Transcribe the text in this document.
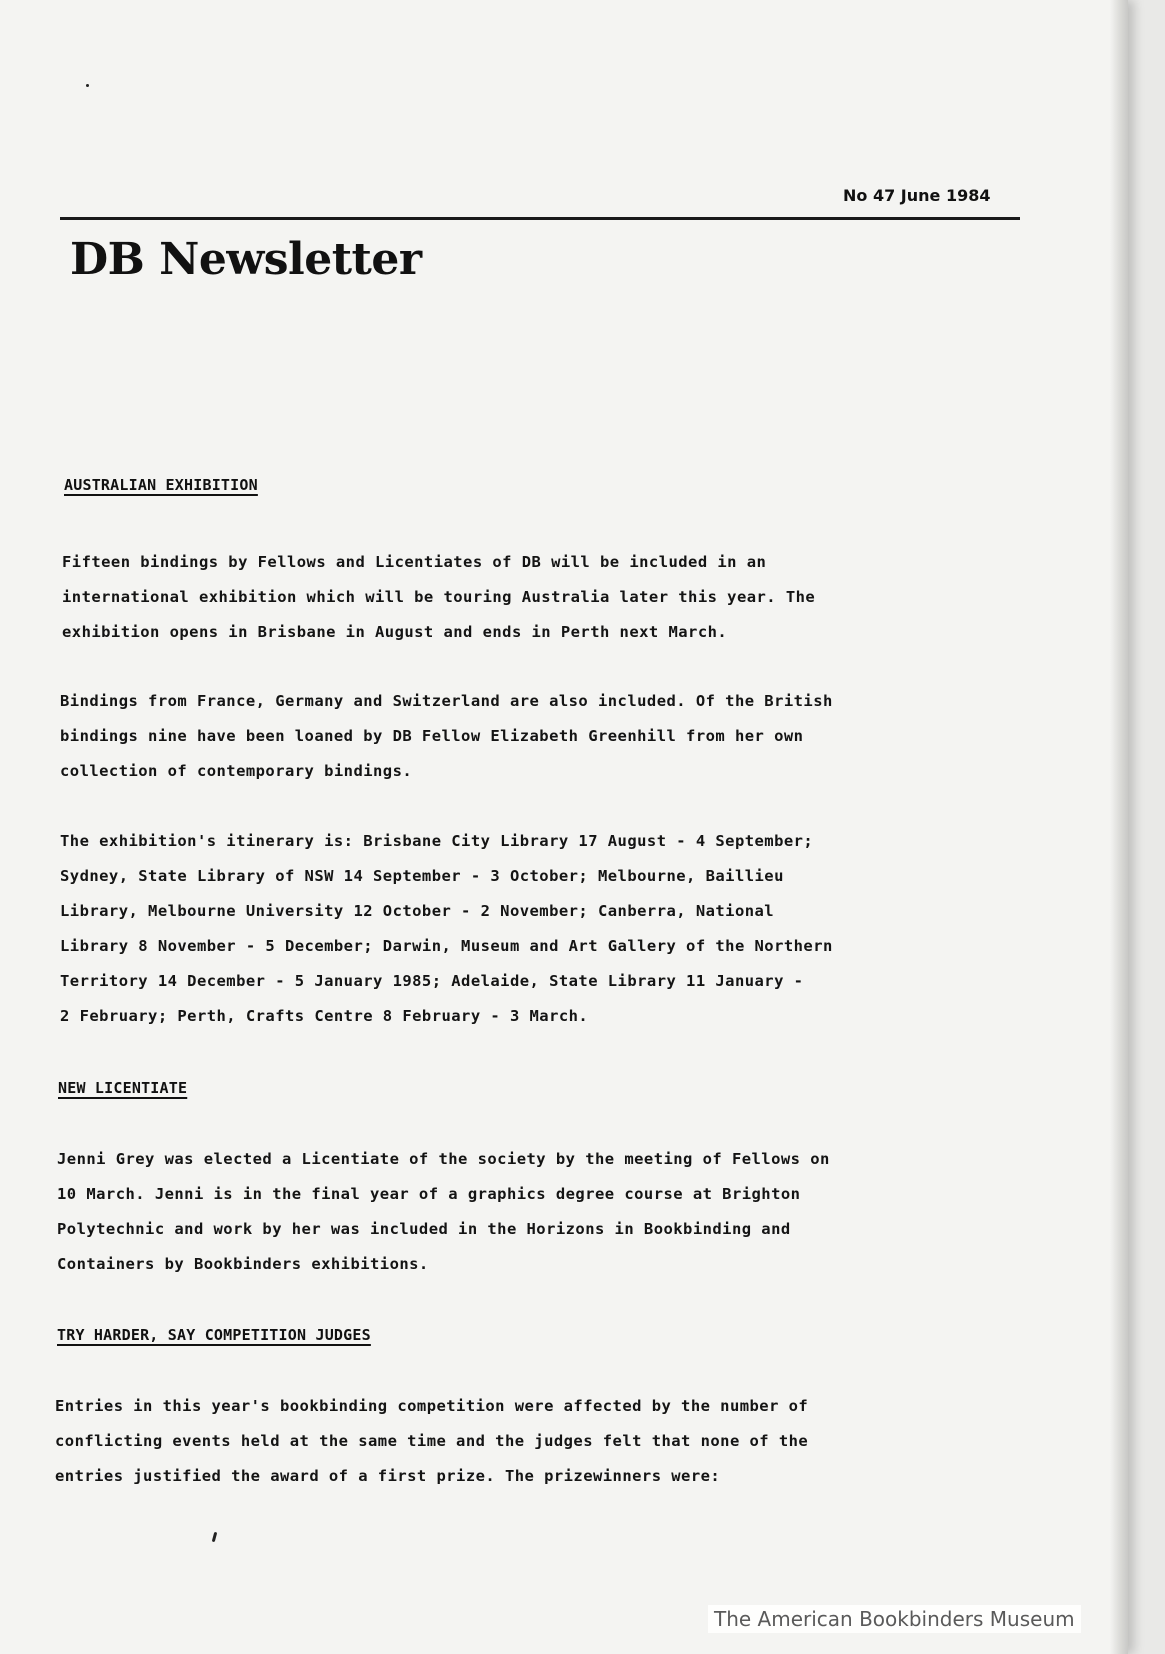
No 47 June 1984
DB Newsletter
AUSTRALIAN EXHIBITION
Fifteen bindings by Fellows and Licentiates of DB will be included in an
international exhibition which will be touring Australia later this year. The
exhibition opens in Brisbane in August and ends in Perth next March.
Bindings from France, Germany and Switzerland are also included. Of the British
bindings nine have been loaned by DB Fellow Elizabeth Greenhill from her own
collection of contemporary bindings.
The exhibition's itinerary is: Brisbane City Library 17 August - 4 September;
Sydney, State Library of NSW 14 September - 3 October; Melbourne, Baillieu
Library, Melbourne University 12 October - 2 November; Canberra, National
Library 8 November - 5 December; Darwin, Museum and Art Gallery of the Northern
Territory 14 December - 5 January 1985; Adelaide, State Library 11 January -
2 February; Perth, Crafts Centre 8 February - 3 March.
NEW LICENTIATE
Jenni Grey was elected a Licentiate of the society by the meeting of Fellows on
10 March. Jenni is in the final year of a graphics degree course at Brighton
Polytechnic and work by her was included in the Horizons in Bookbinding and
Containers by Bookbinders exhibitions.
TRY HARDER, SAY COMPETITION JUDGES
Entries in this year's bookbinding competition were affected by the number of
conflicting events held at the same time and the judges felt that none of the
entries justified the award of a first prize. The prizewinners were:
The American Bookbinders Museum
